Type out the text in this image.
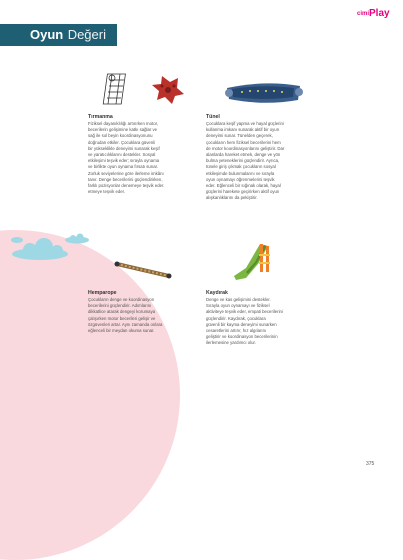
Oyun Değeri
cimi Play
Tırmanma
Fiziksel dayanıklılığı artırırken motor,
becerilerin gelişimine katkı sağlar ve
sağ ile sol beyin koordinasyonunu
doğrudan etkiler. Çocuklara güvenli
bir yükseklikle deneyimi sunarak keşif
ve yaratıcılıklarını destekler. Sosyal
etkileşimi teşvik eder; sırayla oynama
ve birlikte oyun oynama fırsatı sunar.
Zorluk seviyelerine göre ilerleme imkânı
tanır. Denge becerilerini güçlendirirken,
farklı pozisyonlar denemeye teşvik eder.
etmeye teşvik eder.
Tünel
Çocuklara keşif yapma ve hayal güçlerini
kullanma imkanı sunarak aktif bir oyun
deneyimi sunar. Tünelden geçerek,
çocukların hem fiziksel becerilerini hem
de motor koordinasyonlarını geliştirir. Dar
alanlarda hareket etmek, denge ve yön
bulma yeteneklerini güçlendirir. Ayrıca,
tünele giriş çıkmak çocukların sosyal
etkileşimde bulunmalarını ve sırayla
oyun oynamayı öğrenmelerini teşvik
eder. Eğlenceli bir sığınak olarak, hayal
güçlerini harekete geçirirken aktif oyun
alışkanlıklarını da pekiştirir.
Hemparope
Çocukların denge ve koordinasyon
becerilerini güçlendirir. Adımlarını
dikkatlice atarak dengeyi korumaya
çalışırken motor becerileri gelişir ve
özgüvenleri artar. Aynı zamanda onlara
eğlenceli bir meydan okuma sunar.
Kaydırak
Denge ve kas gelişimini destekler.
Sırayla oyun oynamayı ve fiziksel
aktiviteye teşvik eder, empati becerilerini
güçlendirir. Kaydırak, çocuklara
güvenli bir kayma deneyimi sunarken
cesaretlerini artırır, hız algılarını
geliştirir ve koordinasyon becerilerinin
ilerlemesine yardımcı olur.
375
